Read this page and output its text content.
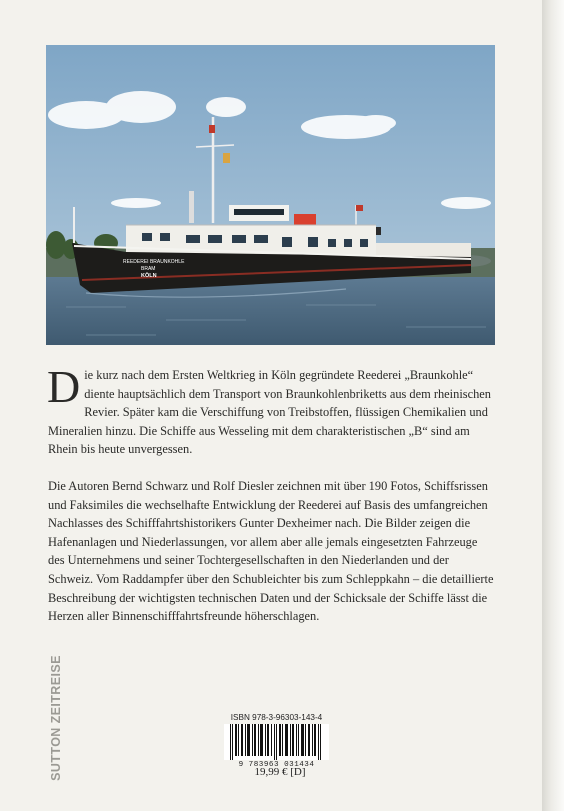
REEDEREI BRAUNKOHLE
BRAM
KÖLN

Die kurz nach dem Ersten Weltkrieg in Köln gegründete Reederei „Braunkohle“ diente hauptsächlich dem Transport von Braunkohlenbriketts aus dem rheinischen Revier. Später kam die Verschiffung von Treibstoffen, flüssigen Chemikalien und Mineralien hinzu. Die Schiffe aus Wesseling mit dem charakteristischen „B“ sind am Rhein bis heute unvergessen.

Die Autoren Bernd Schwarz und Rolf Diesler zeichnen mit über 190 Fotos, Schiffsrissen und Faksimiles die wechselhafte Entwicklung der Reederei auf Basis des umfangreichen Nachlasses des Schifffahrtshistorikers Gunter Dexheimer nach. Die Bilder zeigen die Hafenanlagen und Niederlassungen, vor allem aber alle jemals eingesetzten Fahrzeuge des Unternehmens und seiner Tochtergesellschaften in den Niederlanden und der Schweiz. Vom Raddampfer über den Schubleichter bis zum Schleppkahn – die detaillierte Beschreibung der wichtigsten technischen Daten und der Schicksale der Schiffe lässt die Herzen aller Binnenschifffahrtsfreunde höherschlagen.

SUTTON ZEITREISE	ISBN 978-3-96303-143-4
9 783963 031434
19,99 € [D]
